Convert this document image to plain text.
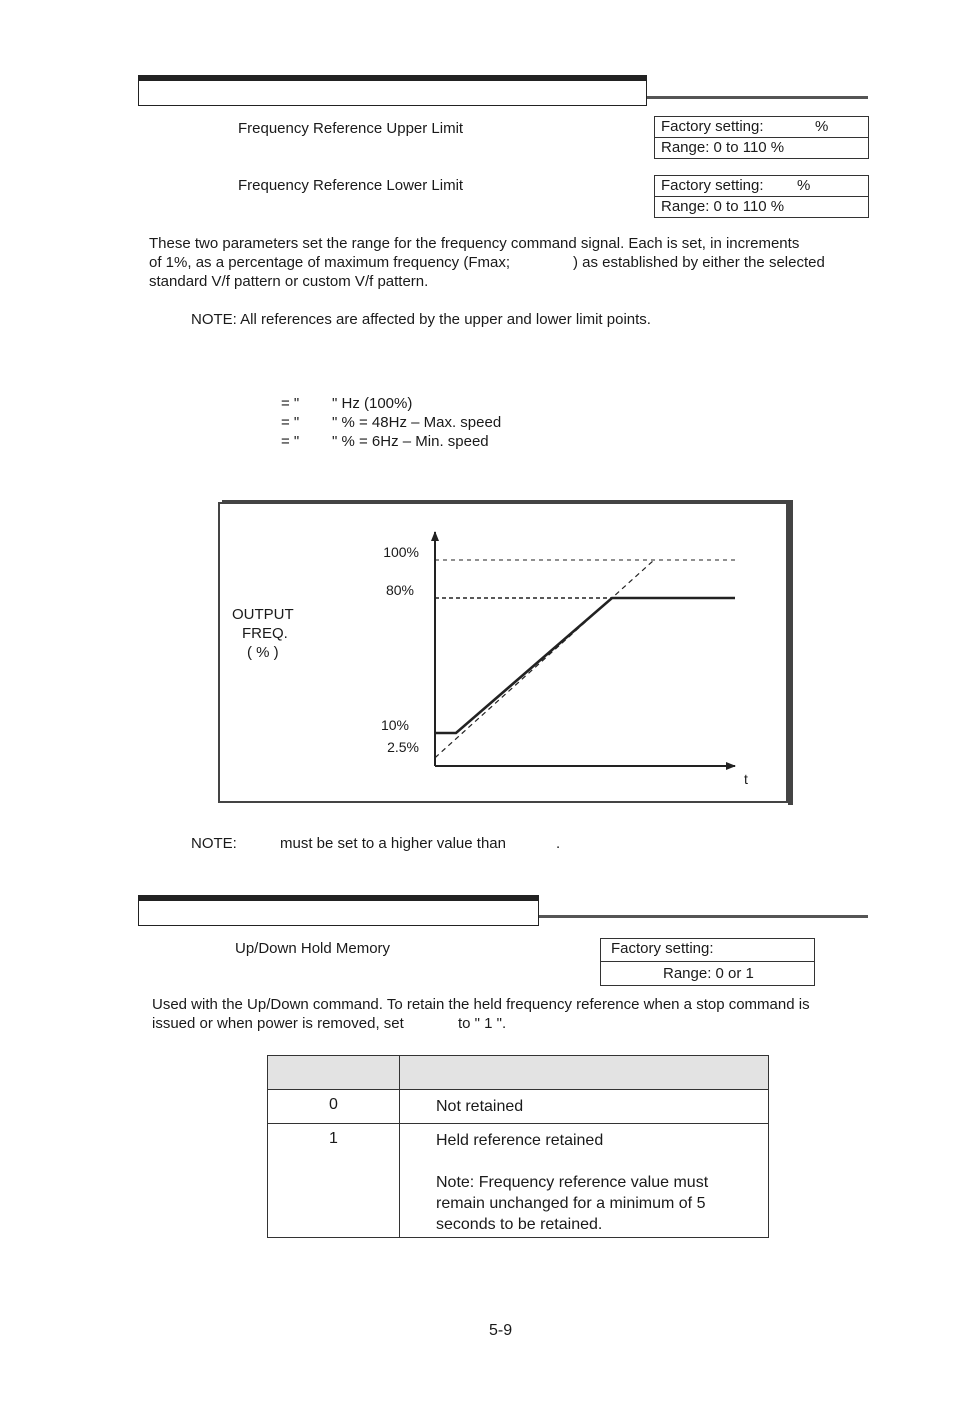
Frequency Reference Upper Limit	Factory setting:	%
Range: 0 to 110 %
Frequency Reference Lower Limit	Factory setting: %
Range: 0 to 110 %
These two parameters set the range for the frequency command signal. Each is set, in increments
of 1%, as a percentage of maximum frequency (Fmax;	) as established by either the selected
standard V/f pattern or custom V/f pattern.
NOTE: All references are affected by the upper and lower limit points.
= " " Hz (100%)
= " " % = 48Hz – Max. speed
= " " % = 6Hz – Min. speed
100%
80%
10%
2.5%
t
OUTPUT
FREQ.
( % )
NOTE:	must be set to a higher value than	.
Up/Down Hold Memory	Factory setting:
Range: 0 or 1
Used with the Up/Down command. To retain the held frequency reference when a stop command is
issued or when power is removed, set	to " 1 ".

0	Not retained

1	Held reference retained
Note: Frequency reference value must
remain unchanged for a minimum of 5
seconds to be retained.
5-9
